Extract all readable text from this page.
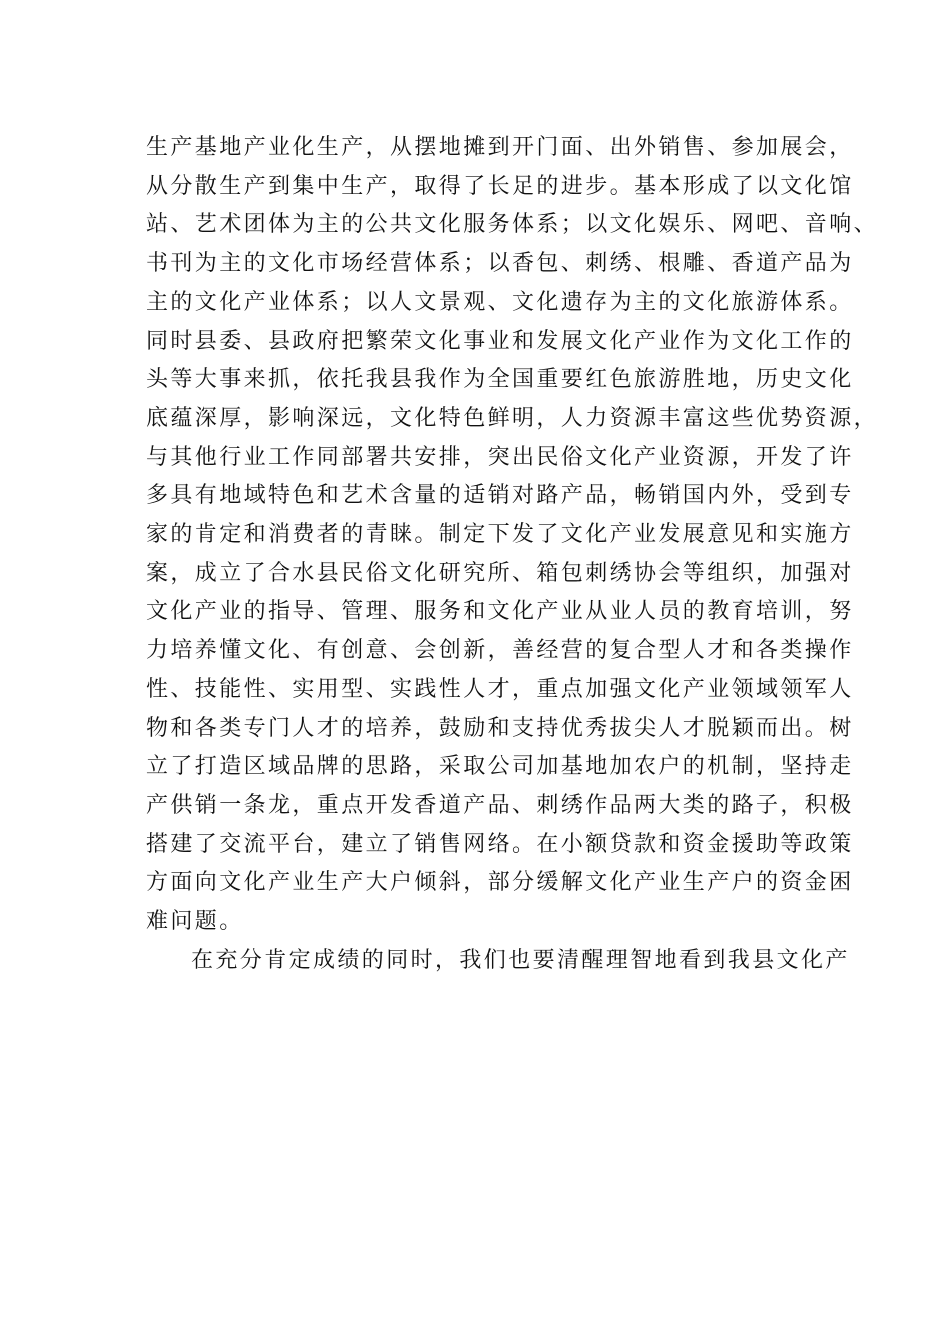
生产基地产业化生产，从摆地摊到开门面、出外销售、参加展会，
从分散生产到集中生产，取得了长足的进步。基本形成了以文化馆
站、艺术团体为主的公共文化服务体系；以文化娱乐、网吧、音响、
书刊为主的文化市场经营体系；以香包、刺绣、根雕、香道产品为
主的文化产业体系；以人文景观、文化遗存为主的文化旅游体系。
同时县委、县政府把繁荣文化事业和发展文化产业作为文化工作的
头等大事来抓，依托我县我作为全国重要红色旅游胜地，历史文化
底蕴深厚，影响深远，文化特色鲜明，人力资源丰富这些优势资源，
与其他行业工作同部署共安排，突出民俗文化产业资源，开发了许
多具有地域特色和艺术含量的适销对路产品，畅销国内外，受到专
家的肯定和消费者的青睐。制定下发了文化产业发展意见和实施方
案，成立了合水县民俗文化研究所、箱包刺绣协会等组织，加强对
文化产业的指导、管理、服务和文化产业从业人员的教育培训，努
力培养懂文化、有创意、会创新，善经营的复合型人才和各类操作
性、技能性、实用型、实践性人才，重点加强文化产业领域领军人
物和各类专门人才的培养，鼓励和支持优秀拔尖人才脱颖而出。树
立了打造区域品牌的思路，采取公司加基地加农户的机制，坚持走
产供销一条龙，重点开发香道产品、刺绣作品两大类的路子，积极
搭建了交流平台，建立了销售网络。在小额贷款和资金援助等政策
方面向文化产业生产大户倾斜，部分缓解文化产业生产户的资金困
难问题。
在充分肯定成绩的同时，我们也要清醒理智地看到我县文化产
